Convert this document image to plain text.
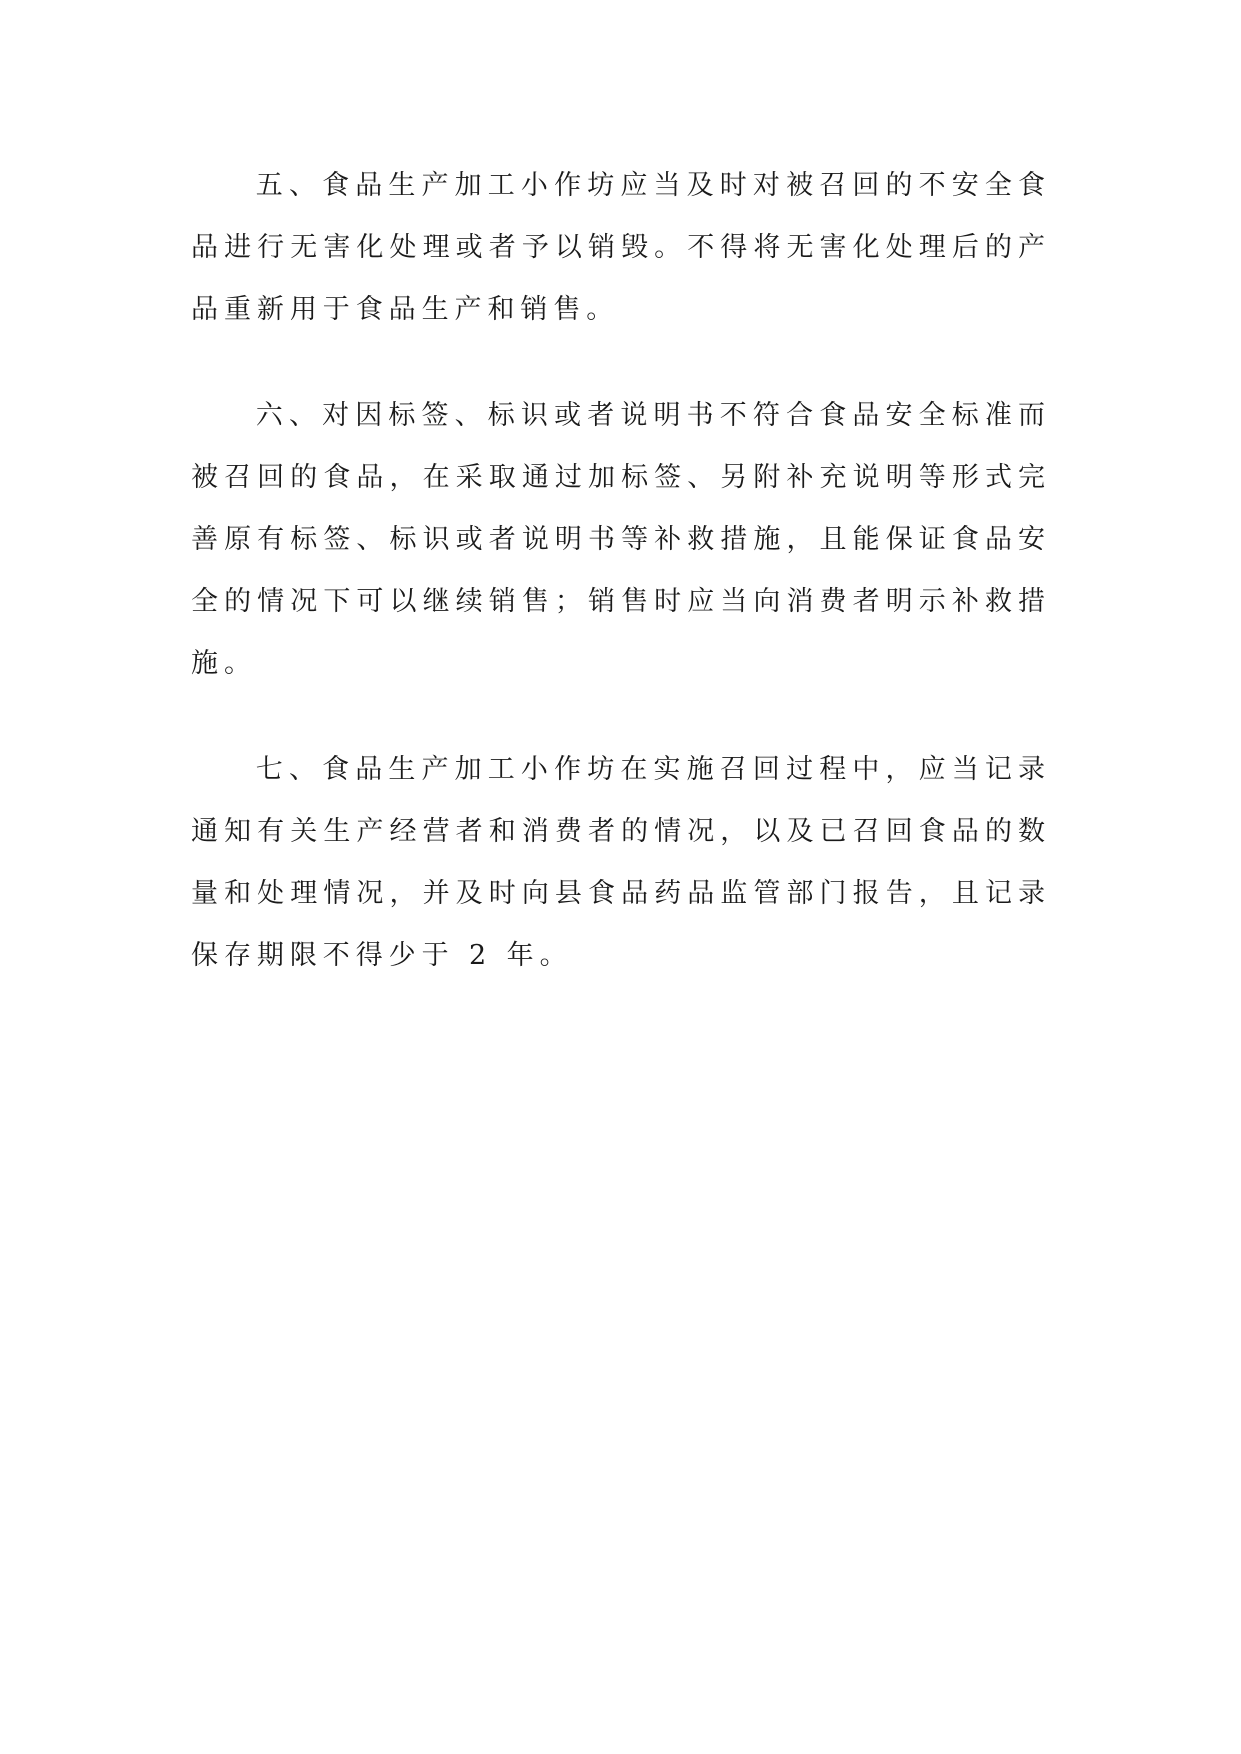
五、食品生产加工小作坊应当及时对被召回的不安全食品进行无害化处理或者予以销毁。不得将无害化处理后的产品重新用于食品生产和销售。

六、对因标签、标识或者说明书不符合食品安全标准而被召回的食品，在采取通过加标签、另附补充说明等形式完善原有标签、标识或者说明书等补救措施，且能保证食品安全的情况下可以继续销售；销售时应当向消费者明示补救措施。

七、食品生产加工小作坊在实施召回过程中，应当记录通知有关生产经营者和消费者的情况，以及已召回食品的数量和处理情况，并及时向县食品药品监管部门报告，且记录保存期限不得少于 2 年。
